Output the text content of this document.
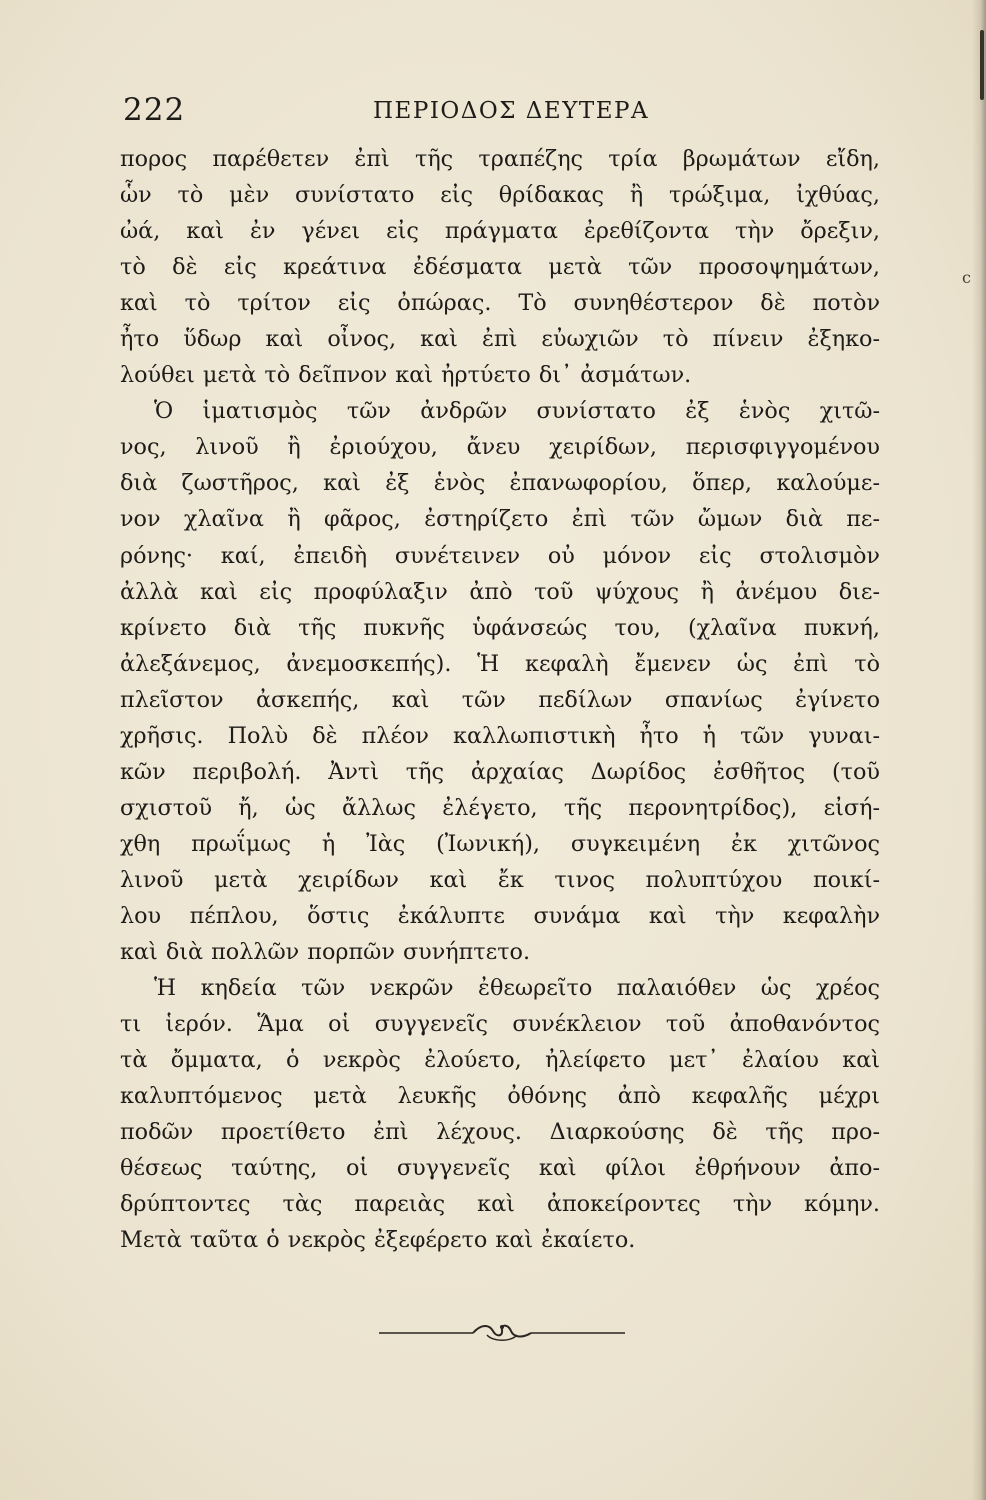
222	ΠΕΡΙΟΔΟΣ ΔΕΥΤΕΡΑ
c
πορος παρέθετεν ἐπὶ τῆς τραπέζης τρία βρωμάτων εἴδη,
ὧν τὸ μὲν συνίστατο εἰς θρίδακας ἢ τρώξιμα, ἰχθύας,
ὠά, καὶ ἐν γένει εἰς πράγματα ἐρεθίζοντα τὴν ὄρεξιν,
τὸ δὲ εἰς κρεάτινα ἐδέσματα μετὰ τῶν προσοψημάτων,
καὶ τὸ τρίτον εἰς ὀπώρας. Τὸ συνηθέστερον δὲ ποτὸν
ἦτο ὕδωρ καὶ οἶνος, καὶ ἐπὶ εὐωχιῶν τὸ πίνειν ἐξηκο-
λούθει μετὰ τὸ δεῖπνον καὶ ἠρτύετο δι᾽ ἀσμάτων.
Ὁ ἱματισμὸς τῶν ἀνδρῶν συνίστατο ἐξ ἑνὸς χιτῶ-
νος, λινοῦ ἢ ἐριούχου, ἄνευ χειρίδων, περισφιγγομένου
διὰ ζωστῆρος, καὶ ἐξ ἑνὸς ἐπανωφορίου, ὅπερ, καλούμε-
νον χλαῖνα ἢ φᾶρος, ἐστηρίζετο ἐπὶ τῶν ὤμων διὰ πε-
ρόνης· καί, ἐπειδὴ συνέτεινεν οὐ μόνον εἰς στολισμὸν
ἀλλὰ καὶ εἰς προφύλαξιν ἀπὸ τοῦ ψύχους ἢ ἀνέμου διε-
κρίνετο διὰ τῆς πυκνῆς ὑφάνσεώς του, (χλαῖνα πυκνή,
ἀλεξάνεμος, ἀνεμοσκεπής). Ἡ κεφαλὴ ἔμενεν ὡς ἐπὶ τὸ
πλεῖστον ἀσκεπής, καὶ τῶν πεδίλων σπανίως ἐγίνετο
χρῆσις. Πολὺ δὲ πλέον καλλωπιστικὴ ἦτο ἡ τῶν γυναι-
κῶν περιβολή. Ἀντὶ τῆς ἀρχαίας Δωρίδος ἐσθῆτος (τοῦ
σχιστοῦ ἤ, ὡς ἄλλως ἐλέγετο, τῆς περονητρίδος), εἰσή-
χθη πρωΐμως ἡ Ἰὰς (Ἰωνική), συγκειμένη ἐκ χιτῶνος
λινοῦ μετὰ χειρίδων καὶ ἔκ τινος πολυπτύχου ποικί-
λου πέπλου, ὅστις ἐκάλυπτε συνάμα καὶ τὴν κεφαλὴν
καὶ διὰ πολλῶν πορπῶν συνήπτετο.
Ἡ κηδεία τῶν νεκρῶν ἐθεωρεῖτο παλαιόθεν ὡς χρέος
τι ἱερόν. Ἅμα οἱ συγγενεῖς συνέκλειον τοῦ ἀποθανόντος
τὰ ὄμματα, ὁ νεκρὸς ἐλούετο, ἠλείφετο μετ᾽ ἐλαίου καὶ
καλυπτόμενος μετὰ λευκῆς ὀθόνης ἀπὸ κεφαλῆς μέχρι
ποδῶν προετίθετο ἐπὶ λέχους. Διαρκούσης δὲ τῆς προ-
θέσεως ταύτης, οἱ συγγενεῖς καὶ φίλοι ἐθρήνουν ἀπο-
δρύπτοντες τὰς παρειὰς καὶ ἀποκείροντες τὴν κόμην.
Μετὰ ταῦτα ὁ νεκρὸς ἐξεφέρετο καὶ ἐκαίετο.
